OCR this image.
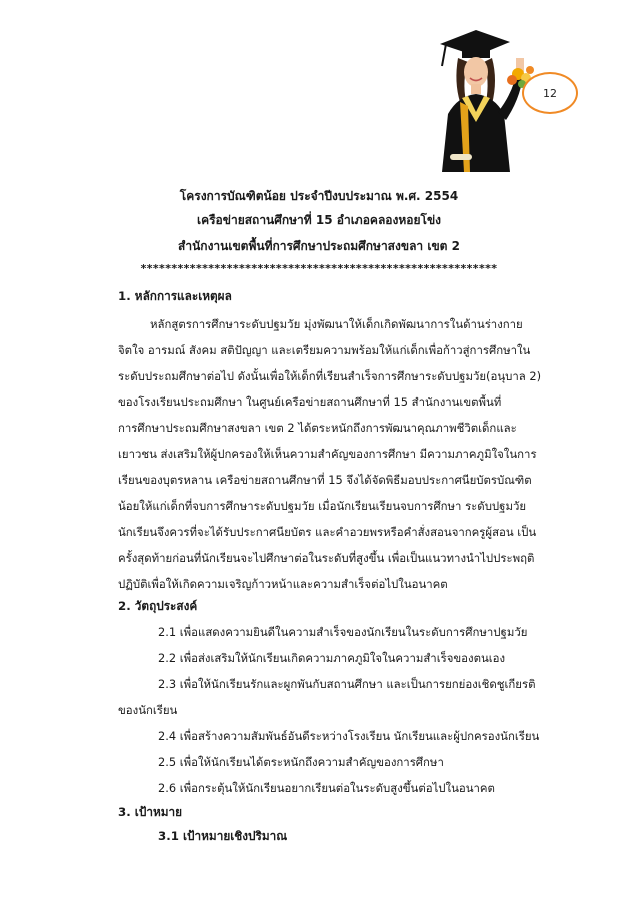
12
โครงการบัณฑิตน้อย ประจำปีงบประมาณ พ.ศ. 2554
เครือข่ายสถานศึกษาที่ 15 อำเภอคลองหอยโข่ง
สำนักงานเขตพื้นที่การศึกษาประถมศึกษาสงขลา เขต 2
**********************************************************
1. หลักการและเหตุผล
หลักสูตรการศึกษาระดับปฐมวัย มุ่งพัฒนาให้เด็กเกิดพัฒนาการในด้านร่างกาย
จิตใจ อารมณ์ สังคม สติปัญญา และเตรียมความพร้อมให้แก่เด็กเพื่อก้าวสู่การศึกษาใน
ระดับประถมศึกษาต่อไป ดังนั้นเพื่อให้เด็กที่เรียนสำเร็จการศึกษาระดับปฐมวัย(อนุบาล 2)
ของโรงเรียนประถมศึกษา ในศูนย์เครือข่ายสถานศึกษาที่ 15 สำนักงานเขตพื้นที่
การศึกษาประถมศึกษาสงขลา เขต 2 ได้ตระหนักถึงการพัฒนาคุณภาพชีวิตเด็กและ
เยาวชน ส่งเสริมให้ผู้ปกครองให้เห็นความสำคัญของการศึกษา มีความภาคภูมิใจในการ
เรียนของบุตรหลาน เครือข่ายสถานศึกษาที่ 15 จึงได้จัดพิธีมอบประกาศนียบัตรบัณฑิต
น้อยให้แก่เด็กที่จบการศึกษาระดับปฐมวัย เมื่อนักเรียนเรียนจบการศึกษา ระดับปฐมวัย
นักเรียนจึงควรที่จะได้รับประกาศนียบัตร และคำอวยพรหรือคำสั่งสอนจากครูผู้สอน เป็น
ครั้งสุดท้ายก่อนที่นักเรียนจะไปศึกษาต่อในระดับที่สูงขึ้น เพื่อเป็นแนวทางนำไปประพฤติ
ปฏิบัติเพื่อให้เกิดความเจริญก้าวหน้าและความสำเร็จต่อไปในอนาคต
2. วัตถุประสงค์
2.1 เพื่อแสดงความยินดีในความสำเร็จของนักเรียนในระดับการศึกษาปฐมวัย
2.2 เพื่อส่งเสริมให้นักเรียนเกิดความภาคภูมิใจในความสำเร็จของตนเอง
2.3 เพื่อให้นักเรียนรักและผูกพันกับสถานศึกษา และเป็นการยกย่องเชิดชูเกียรติ
ของนักเรียน
2.4 เพื่อสร้างความสัมพันธ์อันดีระหว่างโรงเรียน นักเรียนและผู้ปกครองนักเรียน
2.5 เพื่อให้นักเรียนได้ตระหนักถึงความสำคัญของการศึกษา
2.6 เพื่อกระตุ้นให้นักเรียนอยากเรียนต่อในระดับสูงขึ้นต่อไปในอนาคต
3. เป้าหมาย
3.1 เป้าหมายเชิงปริมาณ
